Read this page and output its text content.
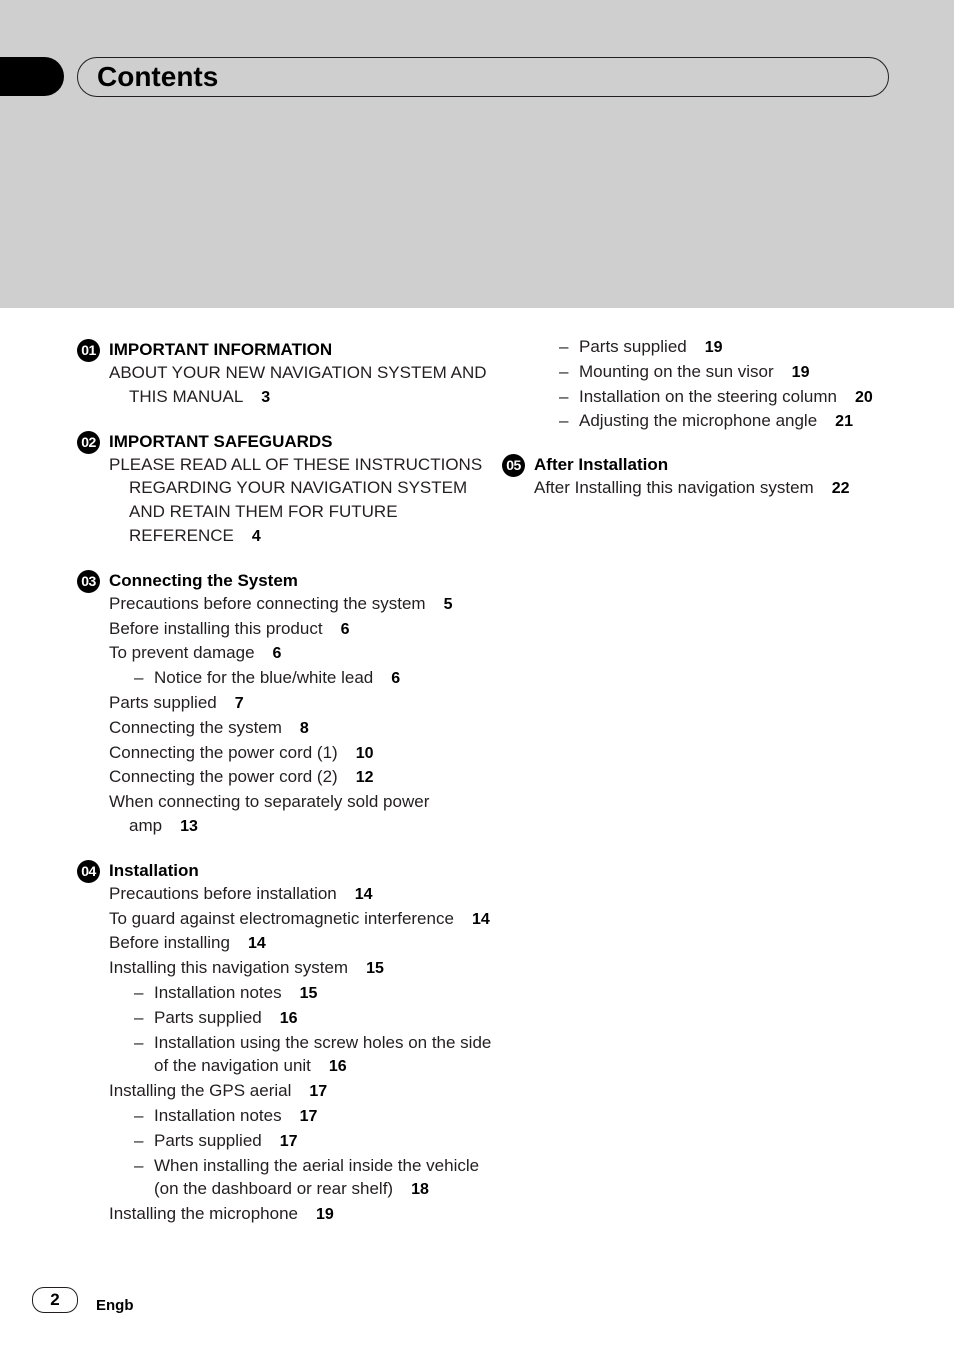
Contents
01 IMPORTANT INFORMATION
ABOUT YOUR NEW NAVIGATION SYSTEM AND THIS MANUAL 3
02 IMPORTANT SAFEGUARDS
PLEASE READ ALL OF THESE INSTRUCTIONS REGARDING YOUR NAVIGATION SYSTEM AND RETAIN THEM FOR FUTURE REFERENCE 4
03 Connecting the System
Precautions before connecting the system 5
Before installing this product 6
To prevent damage 6
– Notice for the blue/white lead 6
Parts supplied 7
Connecting the system 8
Connecting the power cord (1) 10
Connecting the power cord (2) 12
When connecting to separately sold power amp 13
04 Installation
Precautions before installation 14
To guard against electromagnetic interference 14
Before installing 14
Installing this navigation system 15
– Installation notes 15
– Parts supplied 16
– Installation using the screw holes on the side of the navigation unit 16
Installing the GPS aerial 17
– Installation notes 17
– Parts supplied 17
– When installing the aerial inside the vehicle (on the dashboard or rear shelf) 18
Installing the microphone 19
– Parts supplied 19
– Mounting on the sun visor 19
– Installation on the steering column 20
– Adjusting the microphone angle 21
05 After Installation
After Installing this navigation system 22
2	Engb
